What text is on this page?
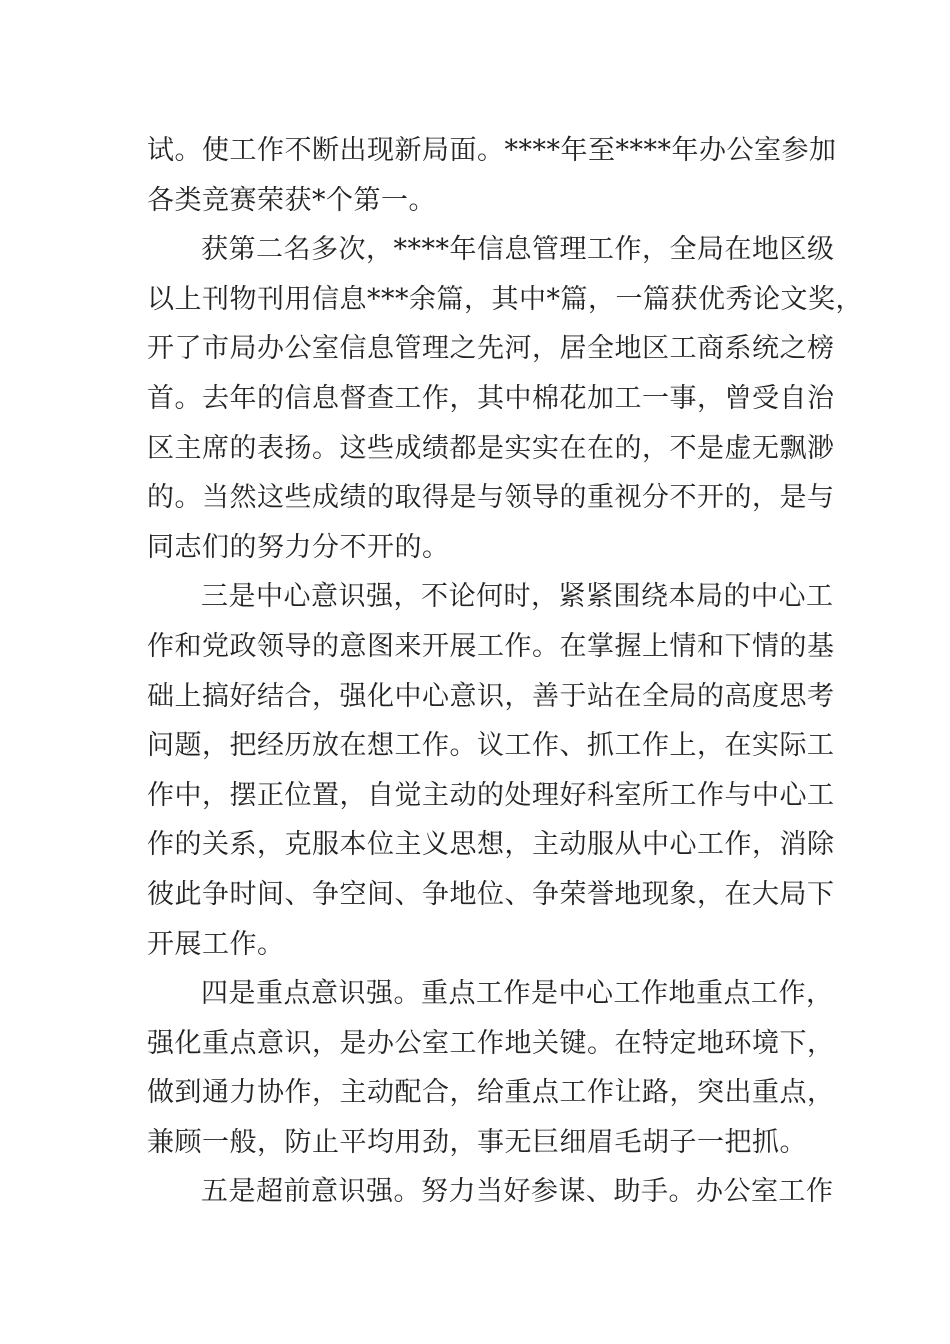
试。使工作不断出现新局面。****年至****年办公室参加
各类竞赛荣获*个第一。
获第二名多次，****年信息管理工作，全局在地区级
以上刊物刊用信息***余篇，其中*篇，一篇获优秀论文奖，
开了市局办公室信息管理之先河，居全地区工商系统之榜
首。去年的信息督查工作，其中棉花加工一事，曾受自治
区主席的表扬。这些成绩都是实实在在的，不是虚无飘渺
的。当然这些成绩的取得是与领导的重视分不开的，是与
同志们的努力分不开的。
三是中心意识强，不论何时，紧紧围绕本局的中心工
作和党政领导的意图来开展工作。在掌握上情和下情的基
础上搞好结合，强化中心意识，善于站在全局的高度思考
问题，把经历放在想工作。议工作、抓工作上，在实际工
作中，摆正位置，自觉主动的处理好科室所工作与中心工
作的关系，克服本位主义思想，主动服从中心工作，消除
彼此争时间、争空间、争地位、争荣誉地现象，在大局下
开展工作。
四是重点意识强。重点工作是中心工作地重点工作，
强化重点意识，是办公室工作地关键。在特定地环境下，
做到通力协作，主动配合，给重点工作让路，突出重点，
兼顾一般，防止平均用劲，事无巨细眉毛胡子一把抓。
五是超前意识强。努力当好参谋、助手。办公室工作
